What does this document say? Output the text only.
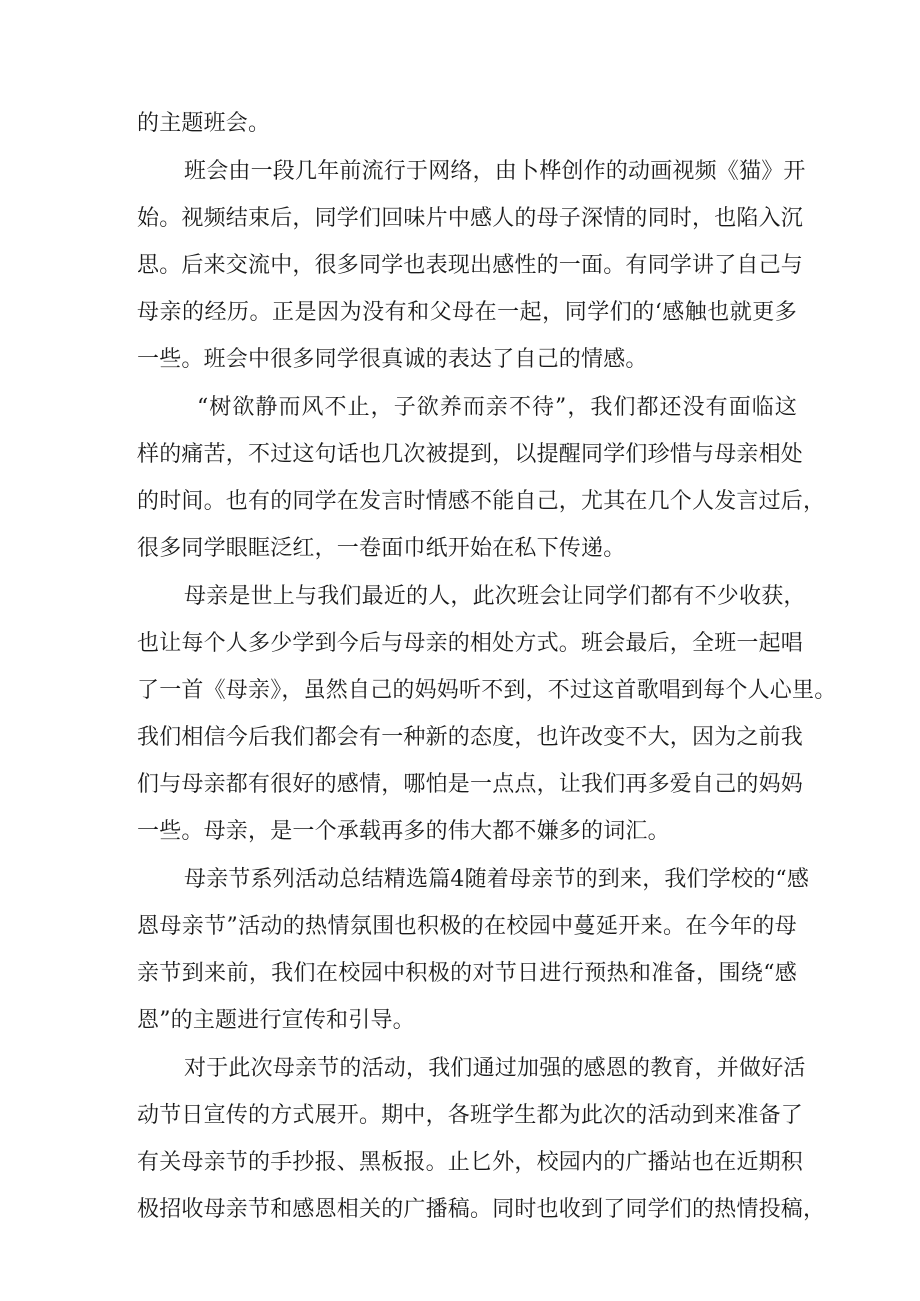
的主题班会。
班会由一段几年前流行于网络，由卜桦创作的动画视频《猫》开
始。视频结束后，同学们回味片中感人的母子深情的同时，也陷入沉
思。后来交流中，很多同学也表现出感性的一面。有同学讲了自己与
母亲的经历。正是因为没有和父母在一起，同学们的‘感触也就更多
一些。班会中很多同学很真诚的表达了自己的情感。
“树欲静而风不止，子欲养而亲不待”，我们都还没有面临这
样的痛苦，不过这句话也几次被提到，以提醒同学们珍惜与母亲相处
的时间。也有的同学在发言时情感不能自己，尤其在几个人发言过后，
很多同学眼眶泛红，一卷面巾纸开始在私下传递。
母亲是世上与我们最近的人，此次班会让同学们都有不少收获，
也让每个人多少学到今后与母亲的相处方式。班会最后，全班一起唱
了一首《母亲》，虽然自己的妈妈听不到，不过这首歌唱到每个人心里。
我们相信今后我们都会有一种新的态度，也许改变不大，因为之前我
们与母亲都有很好的感情，哪怕是一点点，让我们再多爱自己的妈妈
一些。母亲，是一个承载再多的伟大都不嫌多的词汇。
母亲节系列活动总结精选篇4随着母亲节的到来，我们学校的“感
恩母亲节”活动的热情氛围也积极的在校园中蔓延开来。在今年的母
亲节到来前，我们在校园中积极的对节日进行预热和准备，围绕“感
恩”的主题进行宣传和引导。
对于此次母亲节的活动，我们通过加强的感恩的教育，并做好活
动节日宣传的方式展开。期中，各班学生都为此次的活动到来准备了
有关母亲节的手抄报、黑板报。止匕外，校园内的广播站也在近期积
极招收母亲节和感恩相关的广播稿。同时也收到了同学们的热情投稿，
